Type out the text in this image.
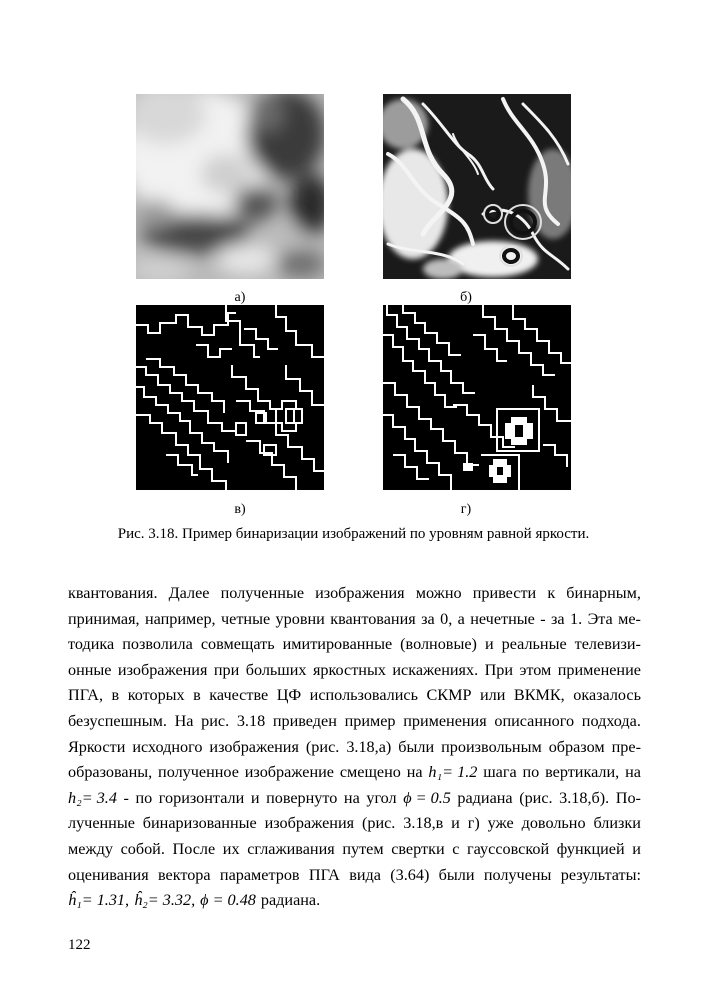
а)	б)
в)	г)
Рис. 3.18. Пример бинаризации изображений по уровням равной яркости.
квантования. Далее полученные изображения можно привести к бинарным,
принимая, например, четные уровни квантования за 0, а нечетные - за 1. Эта ме-
тодика позволила совмещать имитированные (волновые) и реальные телевизи-
онные изображения при больших яркостных искажениях. При этом применение
ПГА, в которых в качестве ЦФ использовались СКМР или ВКМК, оказалось
безуспешным. На рис. 3.18 приведен пример применения описанного подхода.
Яркости исходного изображения (рис. 3.18,а) были произвольным образом пре-
образованы, полученное изображение смещено на h₁= 1.2 шага по вертикали, на
h₂= 3.4 - по горизонтали и повернуто на угол ϕ = 0.5 радиана (рис. 3.18,б). По-
лученные бинаризованные изображения (рис. 3.18,в и г) уже довольно близки
между собой. После их сглаживания путем свертки с гауссовской функцией и
оценивания вектора параметров ПГА вида (3.64) были получены результаты:
ĥ₁= 1.31, ĥ₂= 3.32, ϕ = 0.48 радиана.
122
